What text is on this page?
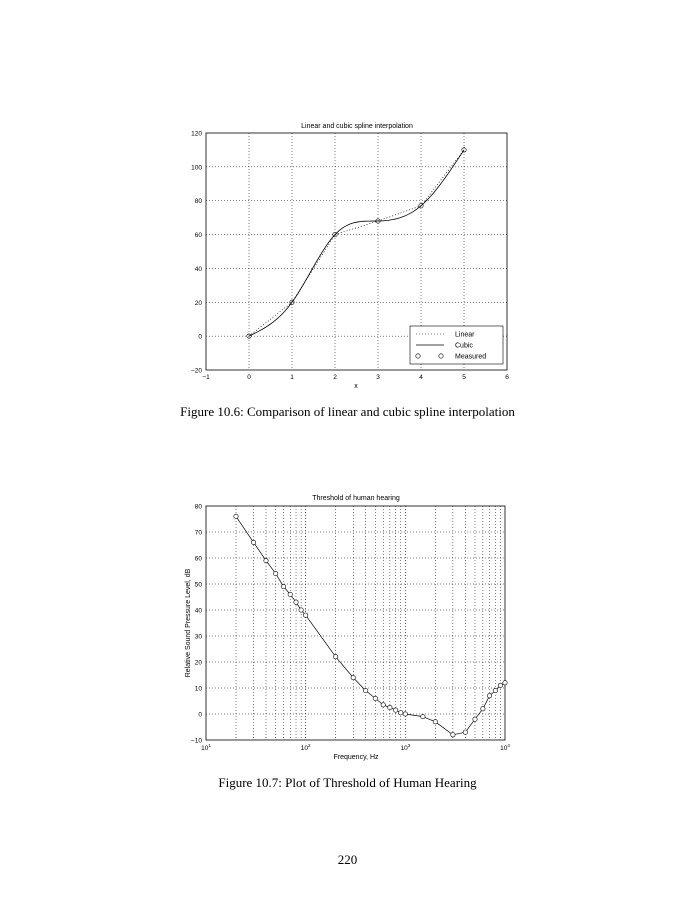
Linear and cubic spline interpolation
−1	0	1	2	3	4	5	6
−20
0
20
40
60
80
100
120
x
Linear
Cubic
Measured
Threshold of human hearing
$10^1$	$10^2$	$10^3$	$10^4$
−10
0
10
20
30
40
50
60
70
80
Frequency, Hz
Relative Sound Pressure Level, dB
Figure 10.6: Comparison of linear and cubic spline interpolation
Figure 10.7: Plot of Threshold of Human Hearing
220
